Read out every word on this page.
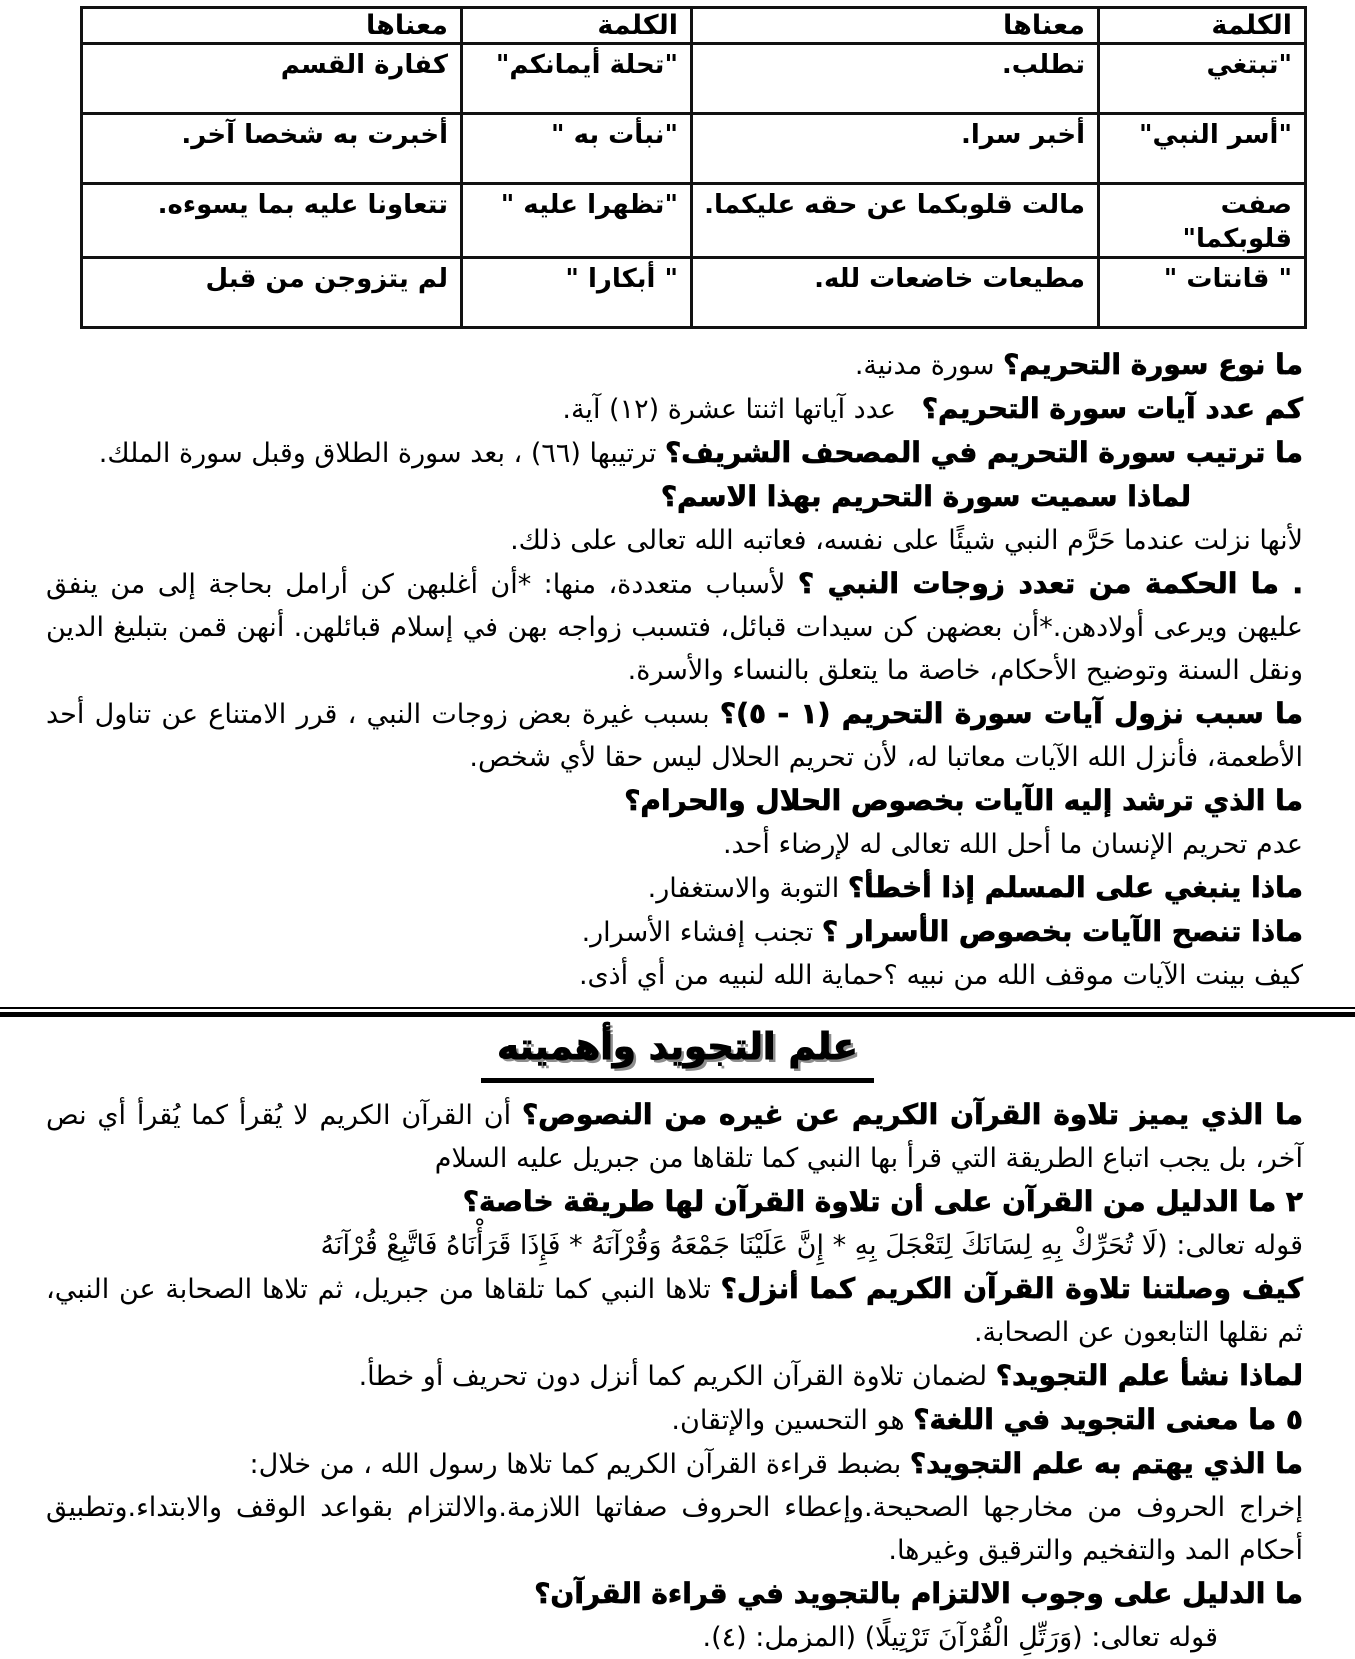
الكلمة	معناها	الكلمة	معناها
"تبتغي	تطلب.	"تحلة أيمانكم"	كفارة القسم
"أسر النبي"	أخبر سرا.	"نبأت به "	أخبرت به شخصا آخر.
صفت قلوبكما"	مالت قلوبكما عن حقه عليكما.	"تظهرا عليه "	تتعاونا عليه بما يسوءه.
" قانتات "	مطيعات خاضعات لله.	" أبكارا "	لم يتزوجن من قبل

ما نوع سورة التحريم؟ سورة مدنية.

كم عدد آيات سورة التحريم؟   عدد آياتها اثنتا عشرة (١٢) آية.

ما ترتيب سورة التحريم في المصحف الشريف؟ ترتيبها (٦٦) ، بعد سورة الطلاق وقبل سورة الملك.

لماذا سميت سورة التحريم بهذا الاسم؟

لأنها نزلت عندما حَرَّم النبي شيئًا على نفسه، فعاتبه الله تعالى على ذلك.

. ما الحكمة من تعدد زوجات النبي ؟ لأسباب متعددة، منها: *أن أغلبهن كن أرامل بحاجة إلى من ينفق عليهن ويرعى أولادهن.*أن بعضهن كن سيدات قبائل، فتسبب زواجه بهن في إسلام قبائلهن. أنهن قمن بتبليغ الدين ونقل السنة وتوضيح الأحكام، خاصة ما يتعلق بالنساء والأسرة.

ما سبب نزول آيات سورة التحريم (١ - ٥)؟ بسبب غيرة بعض زوجات النبي ، قرر الامتناع عن تناول أحد الأطعمة، فأنزل الله الآيات معاتبا له، لأن تحريم الحلال ليس حقا لأي شخص.

ما الذي ترشد إليه الآيات بخصوص الحلال والحرام؟

عدم تحريم الإنسان ما أحل الله تعالى له لإرضاء أحد.

ماذا ينبغي على المسلم إذا أخطأ؟ التوبة والاستغفار.

ماذا تنصح الآيات بخصوص الأسرار ؟ تجنب إفشاء الأسرار.

كيف بينت الآيات موقف الله من نبيه ؟حماية الله لنبيه من أي أذى.

علم التجويد وأهميته

ما الذي يميز تلاوة القرآن الكريم عن غيره من النصوص؟ أن القرآن الكريم لا يُقرأ كما يُقرأ أي نص آخر، بل يجب اتباع الطريقة التي قرأ بها النبي كما تلقاها من جبريل عليه السلام

٢ ما الدليل من القرآن على أن تلاوة القرآن لها طريقة خاصة؟

قوله تعالى: (لَا تُحَرِّكْ بِهِ لِسَانَكَ لِتَعْجَلَ بِهِ * إِنَّ عَلَيْنَا جَمْعَهُ وَقُرْآنَهُ * فَإِذَا قَرَأْنَاهُ فَاتَّبِعْ قُرْآنَهُ

كيف وصلتنا تلاوة القرآن الكريم كما أنزل؟ تلاها النبي كما تلقاها من جبريل، ثم تلاها الصحابة عن النبي، ثم نقلها التابعون عن الصحابة.

لماذا نشأ علم التجويد؟ لضمان تلاوة القرآن الكريم كما أنزل دون تحريف أو خطأ.

٥ ما معنى التجويد في اللغة؟ هو التحسين والإتقان.

ما الذي يهتم به علم التجويد؟ بضبط قراءة القرآن الكريم كما تلاها رسول الله ، من خلال:

إخراج الحروف من مخارجها الصحيحة.وإعطاء الحروف صفاتها اللازمة.والالتزام بقواعد الوقف والابتداء.وتطبيق أحكام المد والتفخيم والترقيق وغيرها.

ما الدليل على وجوب الالتزام بالتجويد في قراءة القرآن؟

قوله تعالى: (وَرَتِّلِ الْقُرْآنَ تَرْتِيلًا) (المزمل: (٤).
